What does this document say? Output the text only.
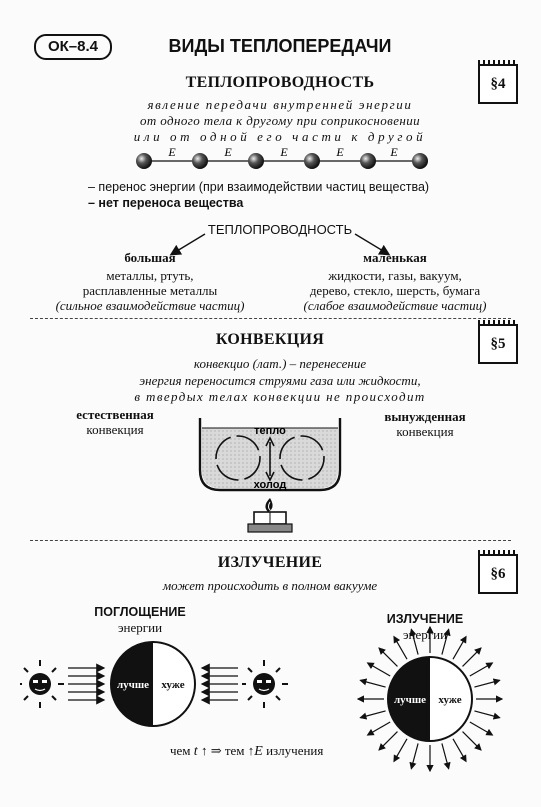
ОК–8.4	ВИДЫ ТЕПЛОПЕРЕДАЧИ
ТЕПЛОПРОВОДНОСТЬ	§4
явление передачи внутренней энергии
от одного тела к другому при соприкосновении
или от одной его части к другой
E	E	E	E	E
– перенос энергии (при взаимодействии частиц вещества)
– нет переноса вещества
ТЕПЛОПРОВОДНОСТЬ
большая
металлы, ртуть,
расплавленные металлы
(сильное взаимодействие частиц)
маленькая
жидкости, газы, вакуум,
дерево, стекло, шерсть, бумага
(слабое взаимодействие частиц)
КОНВЕКЦИЯ	§5
конвекцио (лат.) – перенесение
энергия переносится струями газа или жидкости,
в твердых телах конвекции не происходит
естественная
конвекция
вынужденная
конвекция
тепло
холод
ИЗЛУЧЕНИЕ
§6
может происходить в полном вакууме
ПОГЛОЩЕНИЕ
энергии
ИЗЛУЧЕНИЕ
энергии
лучше хуже
лучше хуже
чем t ↑ ⇒ тем ↑E излучения
